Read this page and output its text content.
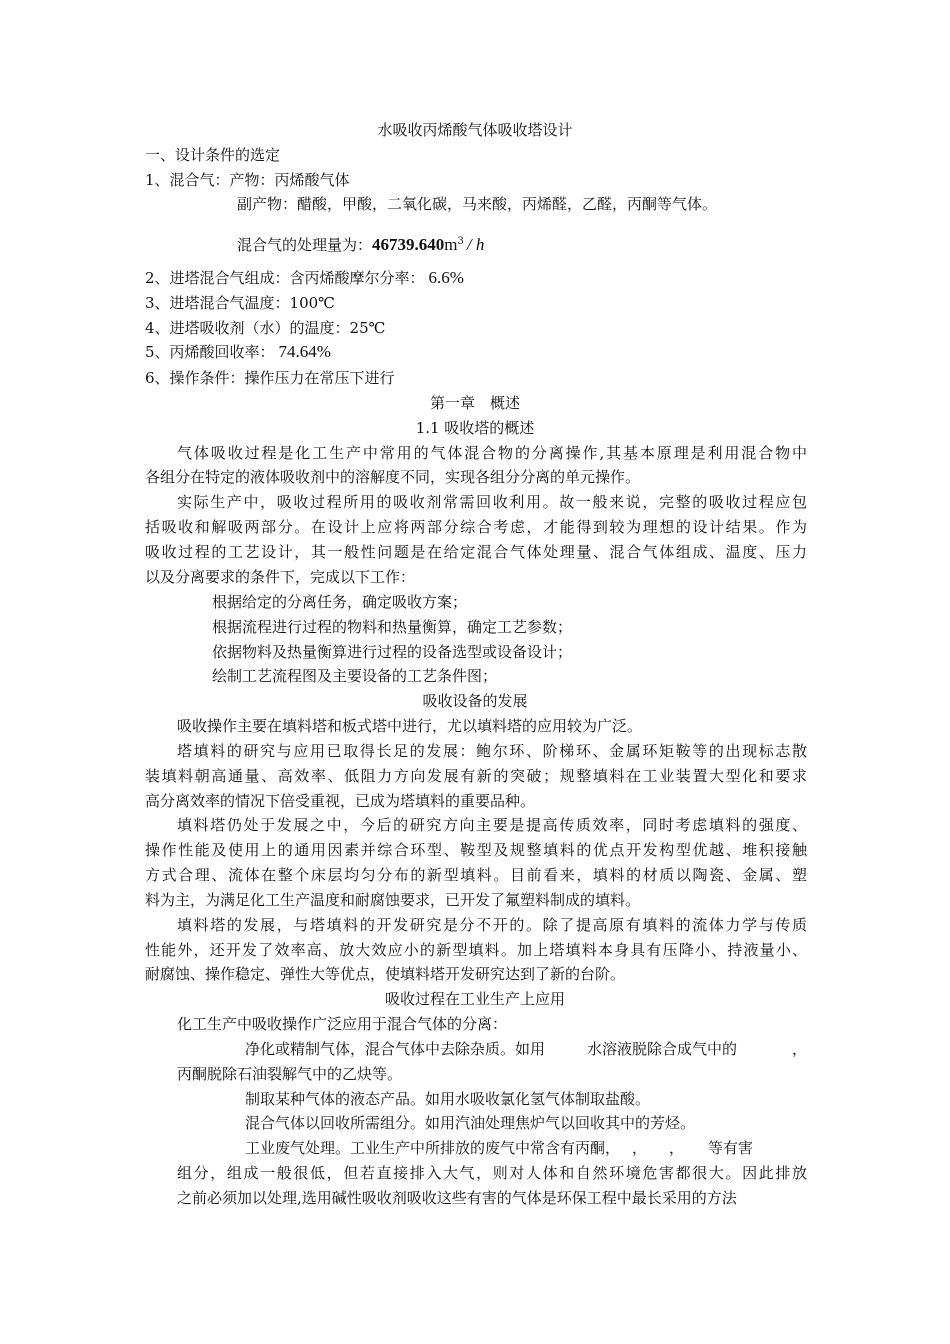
水吸收丙烯酸气体吸收塔设计
一、设计条件的选定
1、混合气：产物：丙烯酸气体
副产物：醋酸，甲酸，二氧化碳，马来酸，丙烯醛，乙醛，丙酮等气体。
混合气的处理量为：$46739.640m^3$ / h
2、进塔混合气组成：含丙烯酸摩尔分率： 6.6%
3、进塔混合气温度：100℃
4、进塔吸收剂（水）的温度：25℃
5、丙烯酸回收率： 74.64%
6、操作条件：操作压力在常压下进行
第一章　概述
1.1 吸收塔的概述
气体吸收过程是化工生产中常用的气体混合物的分离操作,其基本原理是利用混合物中
各组分在特定的液体吸收剂中的溶解度不同，实现各组分分离的单元操作。
实际生产中，吸收过程所用的吸收剂常需回收利用。故一般来说，完整的吸收过程应包
括吸收和解吸两部分。在设计上应将两部分综合考虑，才能得到较为理想的设计结果。作为
吸收过程的工艺设计，其一般性问题是在给定混合气体处理量、混合气体组成、温度、压力
以及分离要求的条件下，完成以下工作：
根据给定的分离任务，确定吸收方案；
根据流程进行过程的物料和热量衡算，确定工艺参数；
依据物料及热量衡算进行过程的设备选型或设备设计；
绘制工艺流程图及主要设备的工艺条件图；
吸收设备的发展
吸收操作主要在填料塔和板式塔中进行，尤以填料塔的应用较为广泛。
塔填料的研究与应用已取得长足的发展：鲍尔环、阶梯环、金属环矩鞍等的出现标志散
装填料朝高通量、高效率、低阻力方向发展有新的突破；规整填料在工业装置大型化和要求
高分离效率的情况下倍受重视，已成为塔填料的重要品种。
填料塔仍处于发展之中，今后的研究方向主要是提高传质效率，同时考虑填料的强度、
操作性能及使用上的通用因素并综合环型、鞍型及规整填料的优点开发构型优越、堆积接触
方式合理、流体在整个床层均匀分布的新型填料。目前看来，填料的材质以陶瓷、金属、塑
料为主，为满足化工生产温度和耐腐蚀要求，已开发了氟塑料制成的填料。
填料塔的发展，与塔填料的开发研究是分不开的。除了提高原有填料的流体力学与传质
性能外，还开发了效率高、放大效应小的新型填料。加上塔填料本身具有压降小、持液量小、
耐腐蚀、操作稳定、弹性大等优点，使填料塔开发研究达到了新的台阶。
吸收过程在工业生产上应用
化工生产中吸收操作广泛应用于混合气体的分离：
净化或精制气体，混合气体中去除杂质。如用	水溶液脱除合成气中的	，
丙酮脱除石油裂解气中的乙炔等。
制取某种气体的液态产品。如用水吸收氯化氢气体制取盐酸。
混合气体以回收所需组分。如用汽油处理焦炉气以回收其中的芳烃。
工业废气处理。工业生产中所排放的废气中常含有丙酮， ， ， 等有害
组分，组成一般很低，但若直接排入大气，则对人体和自然环境危害都很大。因此排放
之前必须加以处理,选用碱性吸收剂吸收这些有害的气体是环保工程中最长采用的方法
